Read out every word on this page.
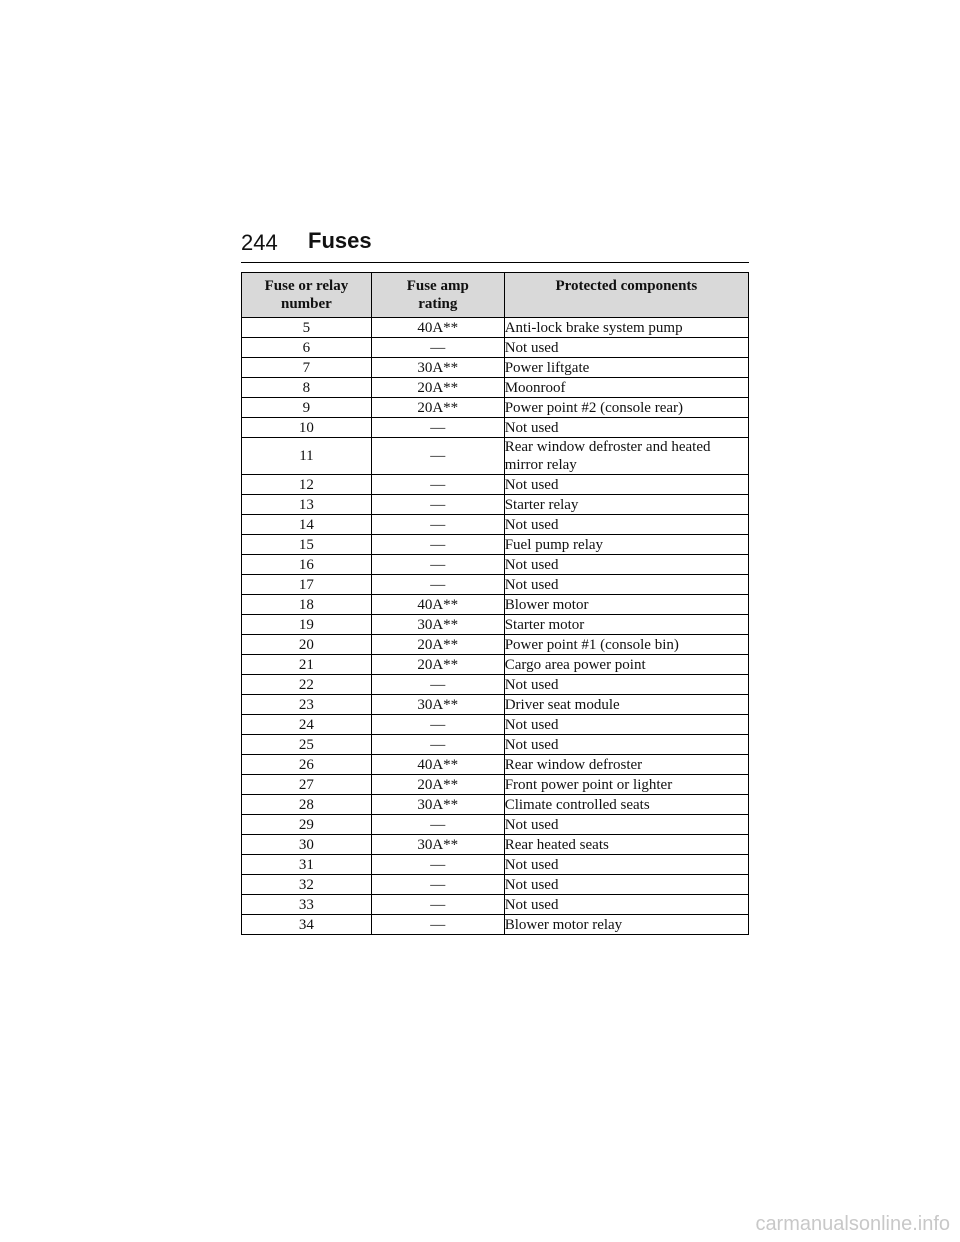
244 Fuses
Fuse or relay number	Fuse amp rating	Protected components
5	40A**	Anti-lock brake system pump
6	—	Not used
7	30A**	Power liftgate
8	20A**	Moonroof
9	20A**	Power point #2 (console rear)
10	—	Not used
11	—	Rear window defroster and heated mirror relay
12	—	Not used
13	—	Starter relay
14	—	Not used
15	—	Fuel pump relay
16	—	Not used
17	—	Not used
18	40A**	Blower motor
19	30A**	Starter motor
20	20A**	Power point #1 (console bin)
21	20A**	Cargo area power point
22	—	Not used
23	30A**	Driver seat module
24	—	Not used
25	—	Not used
26	40A**	Rear window defroster
27	20A**	Front power point or lighter
28	30A**	Climate controlled seats
29	—	Not used
30	30A**	Rear heated seats
31	—	Not used
32	—	Not used
33	—	Not used
34	—	Blower motor relay
carmanualsonline.info
